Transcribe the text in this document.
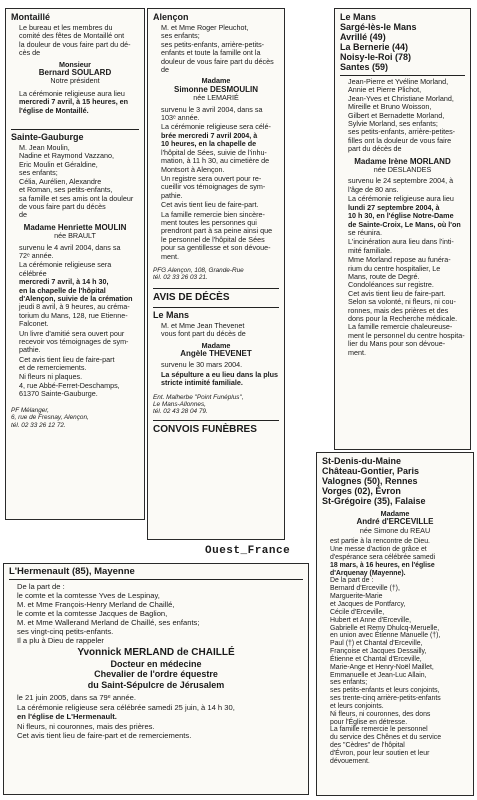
Montaillé
Le bureau et les membres du
comité des fêtes de Montaillé ont
la douleur de vous faire part du dé-
cès de
Monsieur
Bernard SOULARD
Notre président
La cérémonie religieuse aura lieu
mercredi 7 avril, à 15 heures, en
l'église de Montaillé.
Sainte-Gauburge
M. Jean Moulin,
Nadine et Raymond Vazzano,
Eric Moulin et Géraldine,
ses enfants;
Célia, Aurélien, Alexandre
et Roman, ses petits-enfants,
sa famille et ses amis ont la douleur
de vous faire part du décès
de
Madame Henriette MOULIN
née BRAULT
survenu le 4 avril 2004, dans sa
72ᵉ année.
La cérémonie religieuse sera célébrée
mercredi 7 avril, à 14 h 30,
en la chapelle de l'hôpital
d'Alençon, suivie de la crémation
jeudi 8 avril, à 9 heures, au créma-
torium du Mans, 128, rue Etienne-
Falconet.
Un livre d'amitié sera ouvert pour
recevoir vos témoignages de sym-
pathie.
Cet avis tient lieu de faire-part
et de remerciements.
Ni fleurs ni plaques.
4, rue Abbé-Ferret-Deschamps,
61370 Sainte-Gauburge.
PF Mélanger,
6, rue de Fresnay, Alençon,
tél. 02 33 26 12 72.
Alençon
M. et Mme Roger Pleuchot,
ses enfants;
ses petits-enfants, arrière-petits-
enfants et toute la famille ont la
douleur de vous faire part du décès
de
Madame
Simonne DESMOULIN
née LEMARIÉ
survenu le 3 avril 2004, dans sa
103ᵉ année.
La cérémonie religieuse sera célé-
brée mercredi 7 avril 2004, à
10 heures, en la chapelle de
l'hôpital de Sées, suivie de l'inhu-
mation, à 11 h 30, au cimetière de
Montsort à Alençon.
Un registre sera ouvert pour re-
cueillir vos témoignages de sym-
pathie.
Cet avis tient lieu de faire-part.
La famille remercie bien sincère-
ment toutes les personnes qui
prendront part à sa peine ainsi que
le personnel de l'hôpital de Sées
pour sa gentillesse et son dévoue-
ment.
PFG Alençon, 108, Grande-Rue
tél. 02 33 26 03 21.
AVIS DE DÉCÈS
Le Mans
M. et Mme Jean Thevenet
vous font part du décès de
Madame
Angèle THEVENET
survenu le 30 mars 2004.
La sépulture a eu lieu dans la plus
stricte intimité familiale.
Ent. Malherbe "Point Funéplus",
Le Mans-Allonnes,
tél. 02 43 28 04 79.
CONVOIS FUNÈBRES
Le Mans
Sargé-lès-le Mans
Avrillé (49)
La Bernerie (44)
Noisy-le-Roi (78)
Santes (59)
Jean-Pierre et Yvéline Morland,
Annie et Pierre Plichot,
Jean-Yves et Christiane Morland,
Mireille et Bruno Woisson,
Gilbert et Bernadette Morland,
Sylvie Morland, ses enfants;
ses petits-enfants, arrière-petites-
filles ont la douleur de vous faire
part du décès de
Madame Irène MORLAND
née DESLANDES
survenu le 24 septembre 2004, à
l'âge de 80 ans.
La cérémonie religieuse aura lieu
lundi 27 septembre 2004, à
10 h 30, en l'église Notre-Dame
de Sainte-Croix, Le Mans, où l'on
se réunira.
L'incinération aura lieu dans l'inti-
mité familiale.
Mme Morland repose au funéra-
rium du centre hospitalier, Le
Mans, route de Degré.
Condoléances sur registre.
Cet avis tient lieu de faire-part.
Selon sa volonté, ni fleurs, ni cou-
ronnes, mais des prières et des
dons pour la Recherche médicale.
La famille remercie chaleureuse-
ment le personnel du centre hospita-
lier du Mans pour son dévoue-
ment.
St-Denis-du-Maine
Château-Gontier, Paris
Valognes (50), Rennes
Vorges (02), Évron
St-Grégoire (35), Falaise
Madame
André d'ERCEVILLE
née Simone du REAU
est partie à la rencontre de Dieu.
Une messe d'action de grâce et
d'espérance sera célébrée samedi
18 mars, à 16 heures, en l'église
d'Arquenay (Mayenne).
De la part de :
Bernard d'Erceville (†),
Marguerite-Marie
et Jacques de Pontfarcy,
Cécile d'Erceville,
Hubert et Anne d'Erceville,
Gabrielle et Remy Dhulcq-Meruelle,
en union avec Étienne Manuelle (†),
Paul (†) et Chantal d'Erceville,
Françoise et Jacques Dessailly,
Étienne et Chantal d'Erceville,
Marie-Ange et Henry-Noël Maillet,
Emmanuelle et Jean-Luc Allain,
ses enfants;
ses petits-enfants et leurs conjoints,
ses trente-cinq arrière-petits-enfants
et leurs conjoints.
Ni fleurs, ni couronnes, des dons
pour l'Église en détresse.
La famille remercie le personnel
du service des Chênes et du service
des "Cèdres" de l'hôpital
d'Évron, pour leur soutien et leur
dévouement.
Ouest_France
L'Hermenault (85), Mayenne
De la part de :
le comte et la comtesse Yves de Lespinay,
M. et Mme François-Henry Merland de Chaillé,
le comte et la comtesse Jacques de Baglion,
M. et Mme Wallerand Merland de Chaillé, ses enfants;
ses vingt-cinq petits-enfants.
Il a plu à Dieu de rappeler
Yvonnick MERLAND de CHAILLÉ
Docteur en médecine
Chevalier de l'ordre équestre
du Saint-Sépulcre de Jérusalem
le 21 juin 2005, dans sa 79ᵉ année.
La cérémonie religieuse sera célébrée samedi 25 juin, à 14 h 30,
en l'église de L'Hermenault.
Ni fleurs, ni couronnes, mais des prières.
Cet avis tient lieu de faire-part et de remerciements.
